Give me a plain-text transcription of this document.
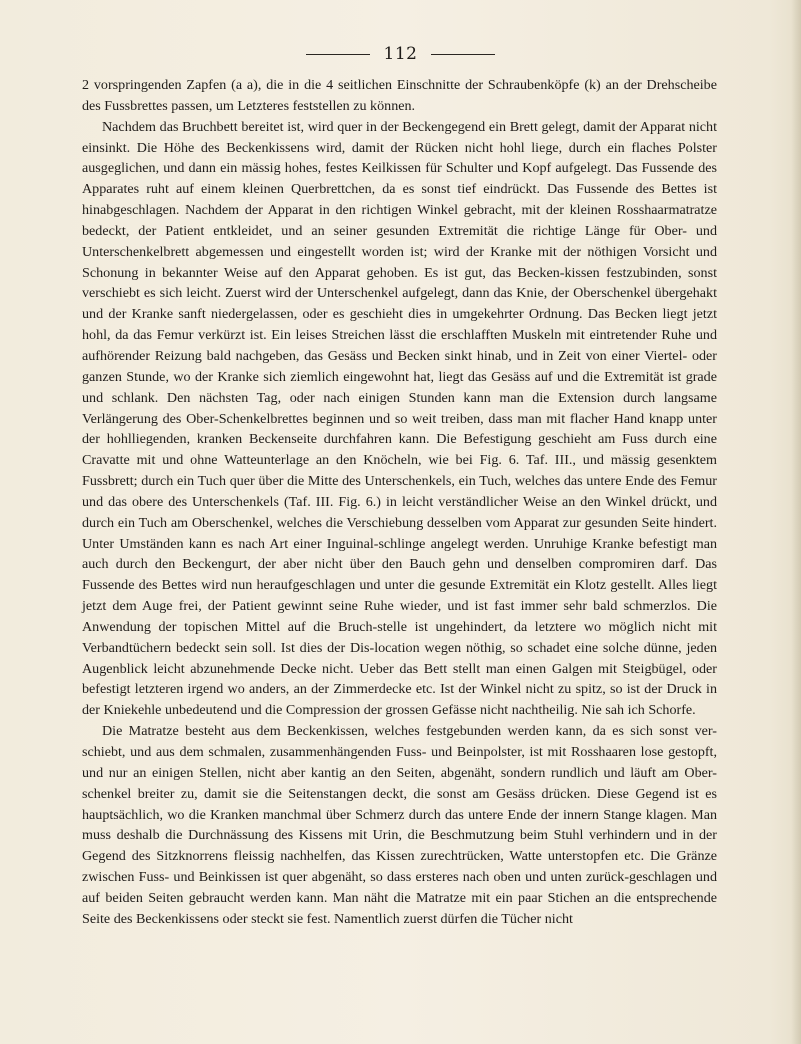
112

2 vorspringenden Zapfen (a a), die in die 4 seitlichen Einschnitte der Schraubenköpfe (k) an der Drehscheibe des Fussbrettes passen, um Letzteres feststellen zu können.

Nachdem das Bruchbett bereitet ist, wird quer in der Beckengegend ein Brett gelegt, damit der Apparat nicht einsinkt. Die Höhe des Beckenkissens wird, damit der Rücken nicht hohl liege, durch ein flaches Polster ausgeglichen, und dann ein mässig hohes, festes Keilkissen für Schulter und Kopf aufgelegt. Das Fussende des Apparates ruht auf einem kleinen Querbrettchen, da es sonst tief eindrückt. Das Fussende des Bettes ist hinabgeschlagen. Nachdem der Apparat in den richtigen Winkel gebracht, mit der kleinen Rosshaarmatratze bedeckt, der Patient entkleidet, und an seiner gesunden Extremität die richtige Länge für Ober- und Unterschenkelbrett abgemessen und eingestellt worden ist; wird der Kranke mit der nöthigen Vorsicht und Schonung in bekannter Weise auf den Apparat gehoben. Es ist gut, das Becken-kissen festzubinden, sonst verschiebt es sich leicht. Zuerst wird der Unterschenkel aufgelegt, dann das Knie, der Oberschenkel übergehakt und der Kranke sanft niedergelassen, oder es geschieht dies in umgekehrter Ordnung. Das Becken liegt jetzt hohl, da das Femur verkürzt ist. Ein leises Streichen lässt die erschlafften Muskeln mit eintretender Ruhe und aufhörender Reizung bald nachgeben, das Gesäss und Becken sinkt hinab, und in Zeit von einer Viertel- oder ganzen Stunde, wo der Kranke sich ziemlich eingewohnt hat, liegt das Gesäss auf und die Extremität ist grade und schlank. Den nächsten Tag, oder nach einigen Stunden kann man die Extension durch langsame Verlängerung des Ober-Schenkelbrettes beginnen und so weit treiben, dass man mit flacher Hand knapp unter der hohlliegenden, kranken Beckenseite durchfahren kann. Die Befestigung geschieht am Fuss durch eine Cravatte mit und ohne Watteunterlage an den Knöcheln, wie bei Fig. 6. Taf. III., und mässig gesenktem Fussbrett; durch ein Tuch quer über die Mitte des Unterschenkels, ein Tuch, welches das untere Ende des Femur und das obere des Unterschenkels (Taf. III. Fig. 6.) in leicht verständlicher Weise an den Winkel drückt, und durch ein Tuch am Oberschenkel, welches die Verschiebung desselben vom Apparat zur gesunden Seite hindert. Unter Umständen kann es nach Art einer Inguinal-schlinge angelegt werden. Unruhige Kranke befestigt man auch durch den Beckengurt, der aber nicht über den Bauch gehn und denselben compromiren darf. Das Fussende des Bettes wird nun heraufgeschlagen und unter die gesunde Extremität ein Klotz gestellt. Alles liegt jetzt dem Auge frei, der Patient gewinnt seine Ruhe wieder, und ist fast immer sehr bald schmerzlos. Die Anwendung der topischen Mittel auf die Bruch-stelle ist ungehindert, da letztere wo möglich nicht mit Verbandtüchern bedeckt sein soll. Ist dies der Dis-location wegen nöthig, so schadet eine solche dünne, jeden Augenblick leicht abzunehmende Decke nicht. Ueber das Bett stellt man einen Galgen mit Steigbügel, oder befestigt letzteren irgend wo anders, an der Zimmerdecke etc. Ist der Winkel nicht zu spitz, so ist der Druck in der Kniekehle unbedeutend und die Compression der grossen Gefässe nicht nachtheilig. Nie sah ich Schorfe.

Die Matratze besteht aus dem Beckenkissen, welches festgebunden werden kann, da es sich sonst ver-schiebt, und aus dem schmalen, zusammenhängenden Fuss- und Beinpolster, ist mit Rosshaaren lose gestopft, und nur an einigen Stellen, nicht aber kantig an den Seiten, abgenäht, sondern rundlich und läuft am Ober-schenkel breiter zu, damit sie die Seitenstangen deckt, die sonst am Gesäss drücken. Diese Gegend ist es hauptsächlich, wo die Kranken manchmal über Schmerz durch das untere Ende der innern Stange klagen. Man muss deshalb die Durchnässung des Kissens mit Urin, die Beschmutzung beim Stuhl verhindern und in der Gegend des Sitzknorrens fleissig nachhelfen, das Kissen zurechtrücken, Watte unterstopfen etc. Die Gränze zwischen Fuss- und Beinkissen ist quer abgenäht, so dass ersteres nach oben und unten zurück-geschlagen und auf beiden Seiten gebraucht werden kann. Man näht die Matratze mit ein paar Stichen an die entsprechende Seite des Beckenkissens oder steckt sie fest. Namentlich zuerst dürfen die Tücher nicht
